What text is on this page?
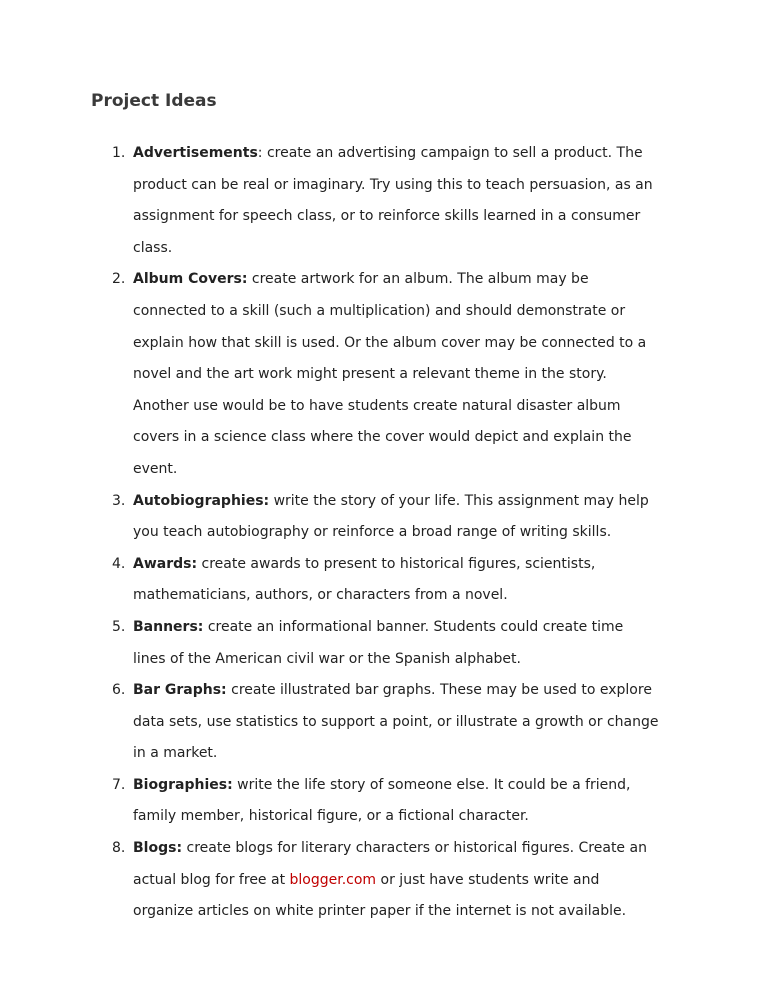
Project Ideas
1. Advertisements: create an advertising campaign to sell a product. The product can be real or imaginary. Try using this to teach persuasion, as an assignment for speech class, or to reinforce skills learned in a consumer class.
2. Album Covers: create artwork for an album. The album may be connected to a skill (such a multiplication) and should demonstrate or explain how that skill is used. Or the album cover may be connected to a novel and the art work might present a relevant theme in the story. Another use would be to have students create natural disaster album covers in a science class where the cover would depict and explain the event.
3. Autobiographies: write the story of your life. This assignment may help you teach autobiography or reinforce a broad range of writing skills.
4. Awards: create awards to present to historical figures, scientists, mathematicians, authors, or characters from a novel.
5. Banners: create an informational banner. Students could create time lines of the American civil war or the Spanish alphabet.
6. Bar Graphs: create illustrated bar graphs. These may be used to explore data sets, use statistics to support a point, or illustrate a growth or change in a market.
7. Biographies: write the life story of someone else. It could be a friend, family member, historical figure, or a fictional character.
8. Blogs: create blogs for literary characters or historical figures. Create an actual blog for free at blogger.com or just have students write and organize articles on white printer paper if the internet is not available.
